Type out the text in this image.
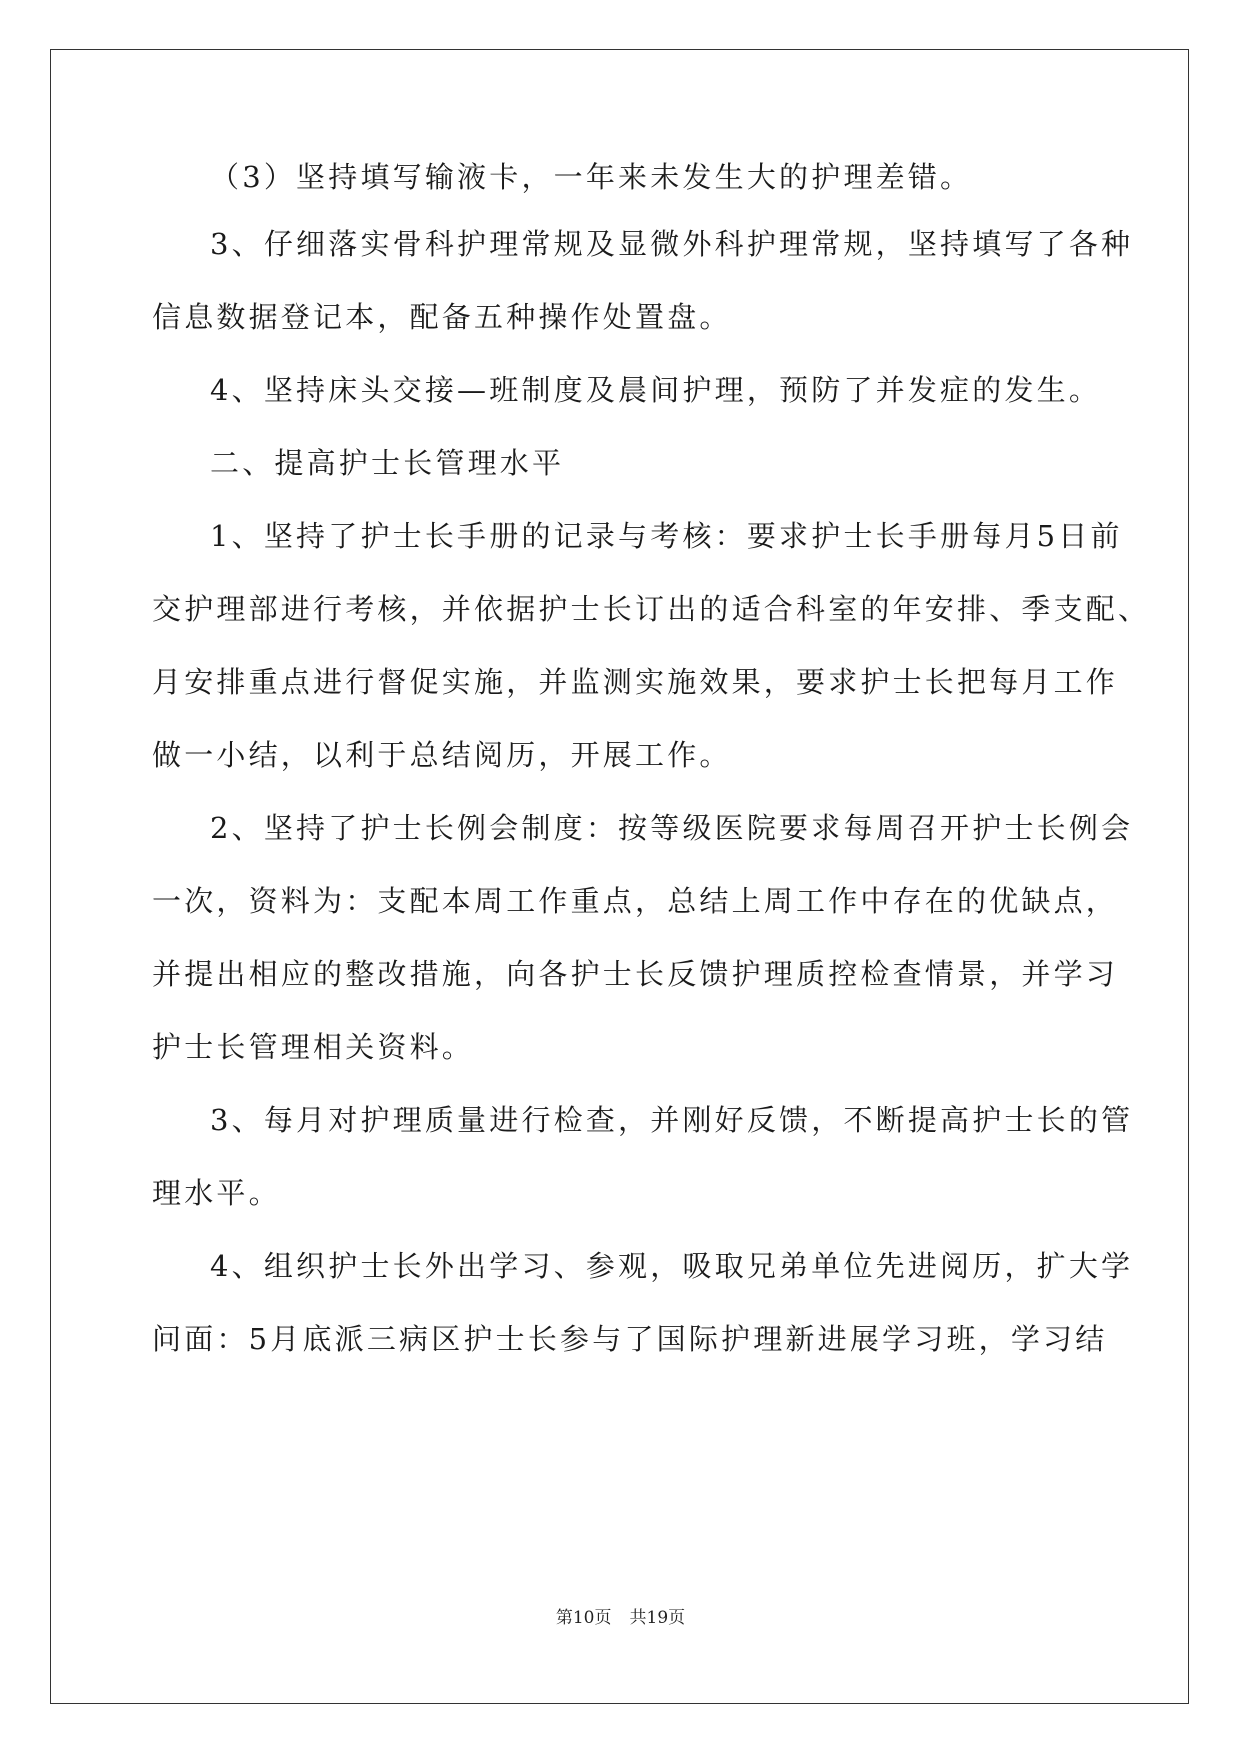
（3）坚持填写输液卡，一年来未发生大的护理差错。
3、仔细落实骨科护理常规及显微外科护理常规，坚持填写了各种
信息数据登记本，配备五种操作处置盘。
4、坚持床头交接—班制度及晨间护理，预防了并发症的发生。
二、提高护士长管理水平
1、坚持了护士长手册的记录与考核：要求护士长手册每月5日前
交护理部进行考核，并依据护士长订出的适合科室的年安排、季支配、
月安排重点进行督促实施，并监测实施效果，要求护士长把每月工作
做一小结，以利于总结阅历，开展工作。
2、坚持了护士长例会制度：按等级医院要求每周召开护士长例会
一次，资料为：支配本周工作重点，总结上周工作中存在的优缺点，
并提出相应的整改措施，向各护士长反馈护理质控检查情景，并学习
护士长管理相关资料。
3、每月对护理质量进行检查，并刚好反馈，不断提高护士长的管
理水平。
4、组织护士长外出学习、参观，吸取兄弟单位先进阅历，扩大学
问面：5月底派三病区护士长参与了国际护理新进展学习班，学习结
第10页 共19页
